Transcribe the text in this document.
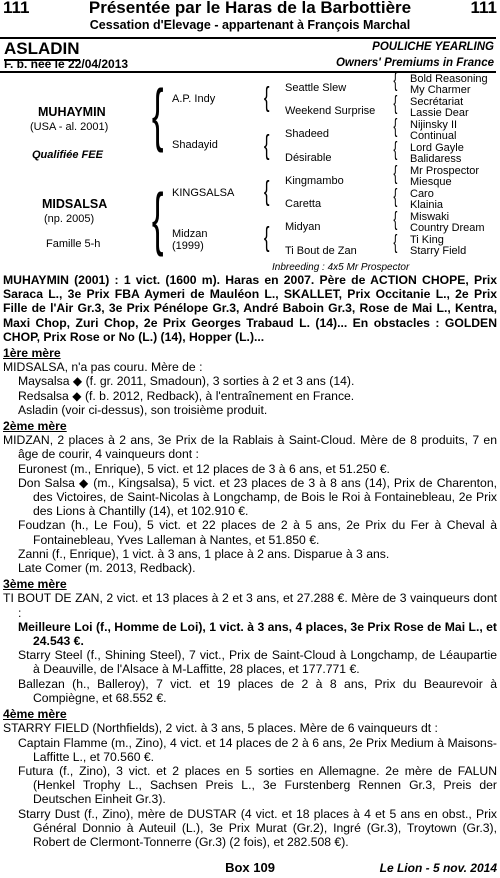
111	Présentée par le Haras de la Barbottière	111
Cessation d'Elevage - appartenant à François Marchal
ASLADIN
F. b. née le 22/04/2013
POULICHE YEARLING
Owners' Premiums in France
MUHAYMIN
(USA - al. 2001)
Qualifiée FEE
MIDSALSA
(np. 2005)
Famille 5-h
{
{
A.P. Indy
Shadayid
KINGSALSA
Midzan
(1999)
{
{
{
{
Seattle Slew
Weekend Surprise
Shadeed
Désirable
Kingmambo
Caretta
Midyan
Ti Bout de Zan
{
{
{
{
{
{
{
{
Bold Reasoning
My Charmer
Secrétariat
Lassie Dear
Nijinsky II
Continual
Lord Gayle
Balidaress
Mr Prospector
Miesque
Caro
Klainia
Miswaki
Country Dream
Ti King
Starry Field
Inbreeding : 4x5 Mr Prospector

MUHAYMIN (2001) : 1 vict. (1600 m). Haras en 2007. Père de ACTION CHOPE, Prix Saraca L., 3e Prix FBA Aymeri de Mauléon L., SKALLET, Prix Occitanie L., 2e Prix Fille de l'Air Gr.3, 3e Prix Pénélope Gr.3, André Baboin Gr.3, Rose de Mai L., Kentra, Maxi Chop, Zuri Chop, 2e Prix Georges Trabaud L. (14)... En obstacles : GOLDEN CHOP, Prix Rose or No (L.) (14), Hopper (L.)...

1ère mère

MIDSALSA, n'a pas couru. Mère de :

Maysalsa ◆ (f. gr. 2011, Smadoun), 3 sorties à 2 et 3 ans (14).

Redsalsa ◆ (f. b. 2012, Redback), à l'entraînement en France.

Asladin (voir ci-dessus), son troisième produit.

2ème mère

MIDZAN, 2 places à 2 ans, 3e Prix de la Rablais à Saint-Cloud. Mère de 8 produits, 7 en âge de courir, 4 vainqueurs dont :

Euronest (m., Enrique), 5 vict. et 12 places de 3 à 6 ans, et 51.250 €.

Don Salsa ◆ (m., Kingsalsa), 5 vict. et 23 places de 3 à 8 ans (14), Prix de Charenton, des Victoires, de Saint-Nicolas à Longchamp, de Bois le Roi à Fontainebleau, 2e Prix des Lions à Chantilly (14), et 102.910 €.

Foudzan (h., Le Fou), 5 vict. et 22 places de 2 à 5 ans, 2e Prix du Fer à Cheval à Fontainebleau, Yves Lalleman à Nantes, et 51.850 €.

Zanni (f., Enrique), 1 vict. à 3 ans, 1 place à 2 ans. Disparue à 3 ans.

Late Comer (m. 2013, Redback).

3ème mère

TI BOUT DE ZAN, 2 vict. et 13 places à 2 et 3 ans, et 27.288 €. Mère de 3 vainqueurs dont :

Meilleure Loi (f., Homme de Loi), 1 vict. à 3 ans, 4 places, 3e Prix Rose de Mai L., et 24.543 €.

Starry Steel (f., Shining Steel), 7 vict., Prix de Saint-Cloud à Longchamp, de Léaupartie à Deauville, de l'Alsace à M-Laffitte, 28 places, et 177.771 €.

Ballezan (h., Balleroy), 7 vict. et 19 places de 2 à 8 ans, Prix du Beaurevoir à Compiègne, et 68.552 €.

4ème mère

STARRY FIELD (Northfields), 2 vict. à 3 ans, 5 places. Mère de 6 vainqueurs dt :

Captain Flamme (m., Zino), 4 vict. et 14 places de 2 à 6 ans, 2e Prix Medium à Maisons-Laffitte L., et 70.560 €.

Futura (f., Zino), 3 vict. et 2 places en 5 sorties en Allemagne. 2e mère de FALUN (Henkel Trophy L., Sachsen Preis L., 3e Furstenberg Rennen Gr.3, Preis der Deutschen Einheit Gr.3).

Starry Dust (f., Zino), mère de DUSTAR (4 vict. et 18 places à 4 et 5 ans en obst., Prix Général Donnio à Auteuil (L.), 3e Prix Murat (Gr.2), Ingré (Gr.3), Troytown (Gr.3), Robert de Clermont-Tonnerre (Gr.3) (2 fois), et 282.508 €).

Box 109	Le Lion - 5 nov. 2014
